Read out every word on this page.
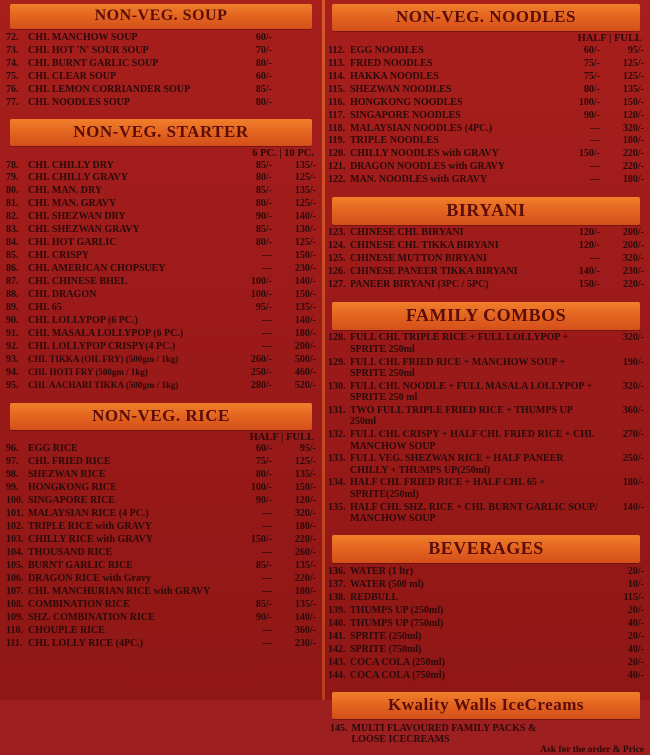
NON-VEG. SOUP
72.	CHI. MANCHOW SOUP	60/-	
73.	CHI. HOT 'N' SOUR SOUP	70/-	
74.	CHI. BURNT GARLIC SOUP	80/-	
75.	CHI. CLEAR SOUP	60/-	
76.	CHI. LEMON CORRIANDER SOUP	85/-	
77.	CHI. NOODLES SOUP	80/-	
NON-VEG. STARTER
6 PC. | 10 PC.
78.	CHI. CHILLY DRY	85/-	135/-
79.	CHI. CHILLY GRAVY	80/-	125/-
80.	CHI. MAN. DRY	85/-	135/-
81.	CHI. MAN. GRAVY	80/-	125/-
82.	CHI. SHEZWAN DRY	90/-	140/-
83.	CHI. SHEZWAN GRAVY	85/-	130/-
84.	CHI. HOT GARLIC	80/-	125/-
85.	CHI. CRISPY	---	150/-
86.	CHI. AMERICAN CHOPSUEY	---	230/-
87.	CHI. CHINESE BHEL	100/-	140/-
88.	CHI. DRAGON	100/-	150/-
89.	CHI. 65	95/-	135/-
90.	CHI. LOLLYPOP (6 PC.)	---	140/-
91.	CHI. MASALA LOLLYPOP (6 PC.)	---	180/-
92.	CHI. LOLLYPOP CRISPY(4 PC.)	---	200/-
93.	CHI. TIKKA (OIL FRY) (500gm / 1kg)	260/-	500/-
94.	CHI. HOTI FRY (500gm / 1kg)	250/-	460/-
95.	CHI. AACHARI TIKKA (500gm / 1kg)	280/-	520/-
NON-VEG. RICE
HALF | FULL
96.	EGG RICE	60/-	95/-
97.	CHI. FRIED RICE	75/-	125/-
98.	SHEZWAN RICE	80/-	135/-
99.	HONGKONG RICE	100/-	150/-
100.	SINGAPORE RICE	90/-	120/-
101.	MALAYSIAN RICE (4 PC.)	---	320/-
102.	TRIPLE RICE with GRAVY	---	180/-
103.	CHILLY RICE with GRAVY	150/-	220/-
104.	THOUSAND RICE	---	260/-
105.	BURNT GARLIC RICE	85/-	135/-
106.	DRAGON RICE with Gravy	---	220/-
107.	CHI. MANCHURIAN RICE with GRAVY	---	180/-
108.	COMBINATION RICE	85/-	135/-
109.	SHZ. COMBINATION RICE	90/-	140/-
110.	CHOUPLE RICE	---	360/-
111.	CHI. LOLLY RICE (4PC.)	---	230/-
NON-VEG. NOODLES
HALF | FULL
112.	EGG NOODLES	60/-	95/-
113.	FRIED NOODLES	75/-	125/-
114.	HAKKA NOODLES	75/-	125/-
115.	SHEZWAN NOODLES	80/-	135/-
116.	HONGKONG NOODLES	100/-	150/-
117.	SINGAPORE NOODLES	90/-	120/-
118.	MALAYSIAN NOODLES (4PC.)	---	320/-
119.	TRIPLE NOODLES	---	180/-
120.	CHILLY NOODLES with GRAVY	150/-	220/-
121.	DRAGON NOODLES with GRAVY	---	220/-
122.	MAN. NOODLES with GRAVY	---	180/-
BIRYANI
123.	CHINESE CHI. BIRYANI	120/-	200/-
124.	CHINESE CHI. TIKKA BIRYANI	120/-	200/-
125.	CHINESE MUTTON BIRYANI	---	320/-
126.	CHINESE PANEER TIKKA BIRYANI	140/-	230/-
127.	PANEER BIRYANI (3PC / 5PC)	150/-	220/-
FAMILY COMBOS
128.	FULL CHI. TRIPLE RICE + FULL LOLLYPOP + SPRITE 250ml	320/-
129.	FULL CHI. FRIED RICE + MANCHOW SOUP + SPRITE 250ml	190/-
130.	FULL CHI. NOODLE + FULL MASALA LOLLYPOP + SPRITE 250 ml	320/-
131.	TWO FULL TRIPLE FRIED RICE + THUMPS UP 250ml	360/-
132.	FULL CHI. CRISPY + HALF CHI. FRIED RICE + CHI. MANCHOW SOUP	270/-
133.	FULL VEG. SHEZWAN RICE + HALF PANEER CHILLY + THUMPS UP(250ml)	250/-
134.	HALF CHI. FRIED RICE + HALF CHI. 65 + SPRITE(250ml)	180/-
135.	HALF CHI. SHZ. RICE + CHI. BURNT GARLIC SOUP/ MANCHOW SOUP	140/-
BEVERAGES
136.	WATER (1 ltr)	20/-
137.	WATER (500 ml)	10/-
138.	REDBULL	115/-
139.	THUMPS UP (250ml)	20/-
140.	THUMPS UP (750ml)	40/-
141.	SPRITE (250ml)	20/-
142.	SPRITE (750ml)	40/-
143.	COCA COLA (250ml)	20/-
144.	COCA COLA (750ml)	40/-
Kwality Walls IceCreams
145. MULTI FLAVOURED FAMILY PACKS & LOOSE ICECREAMS
Ask for the order & Price
